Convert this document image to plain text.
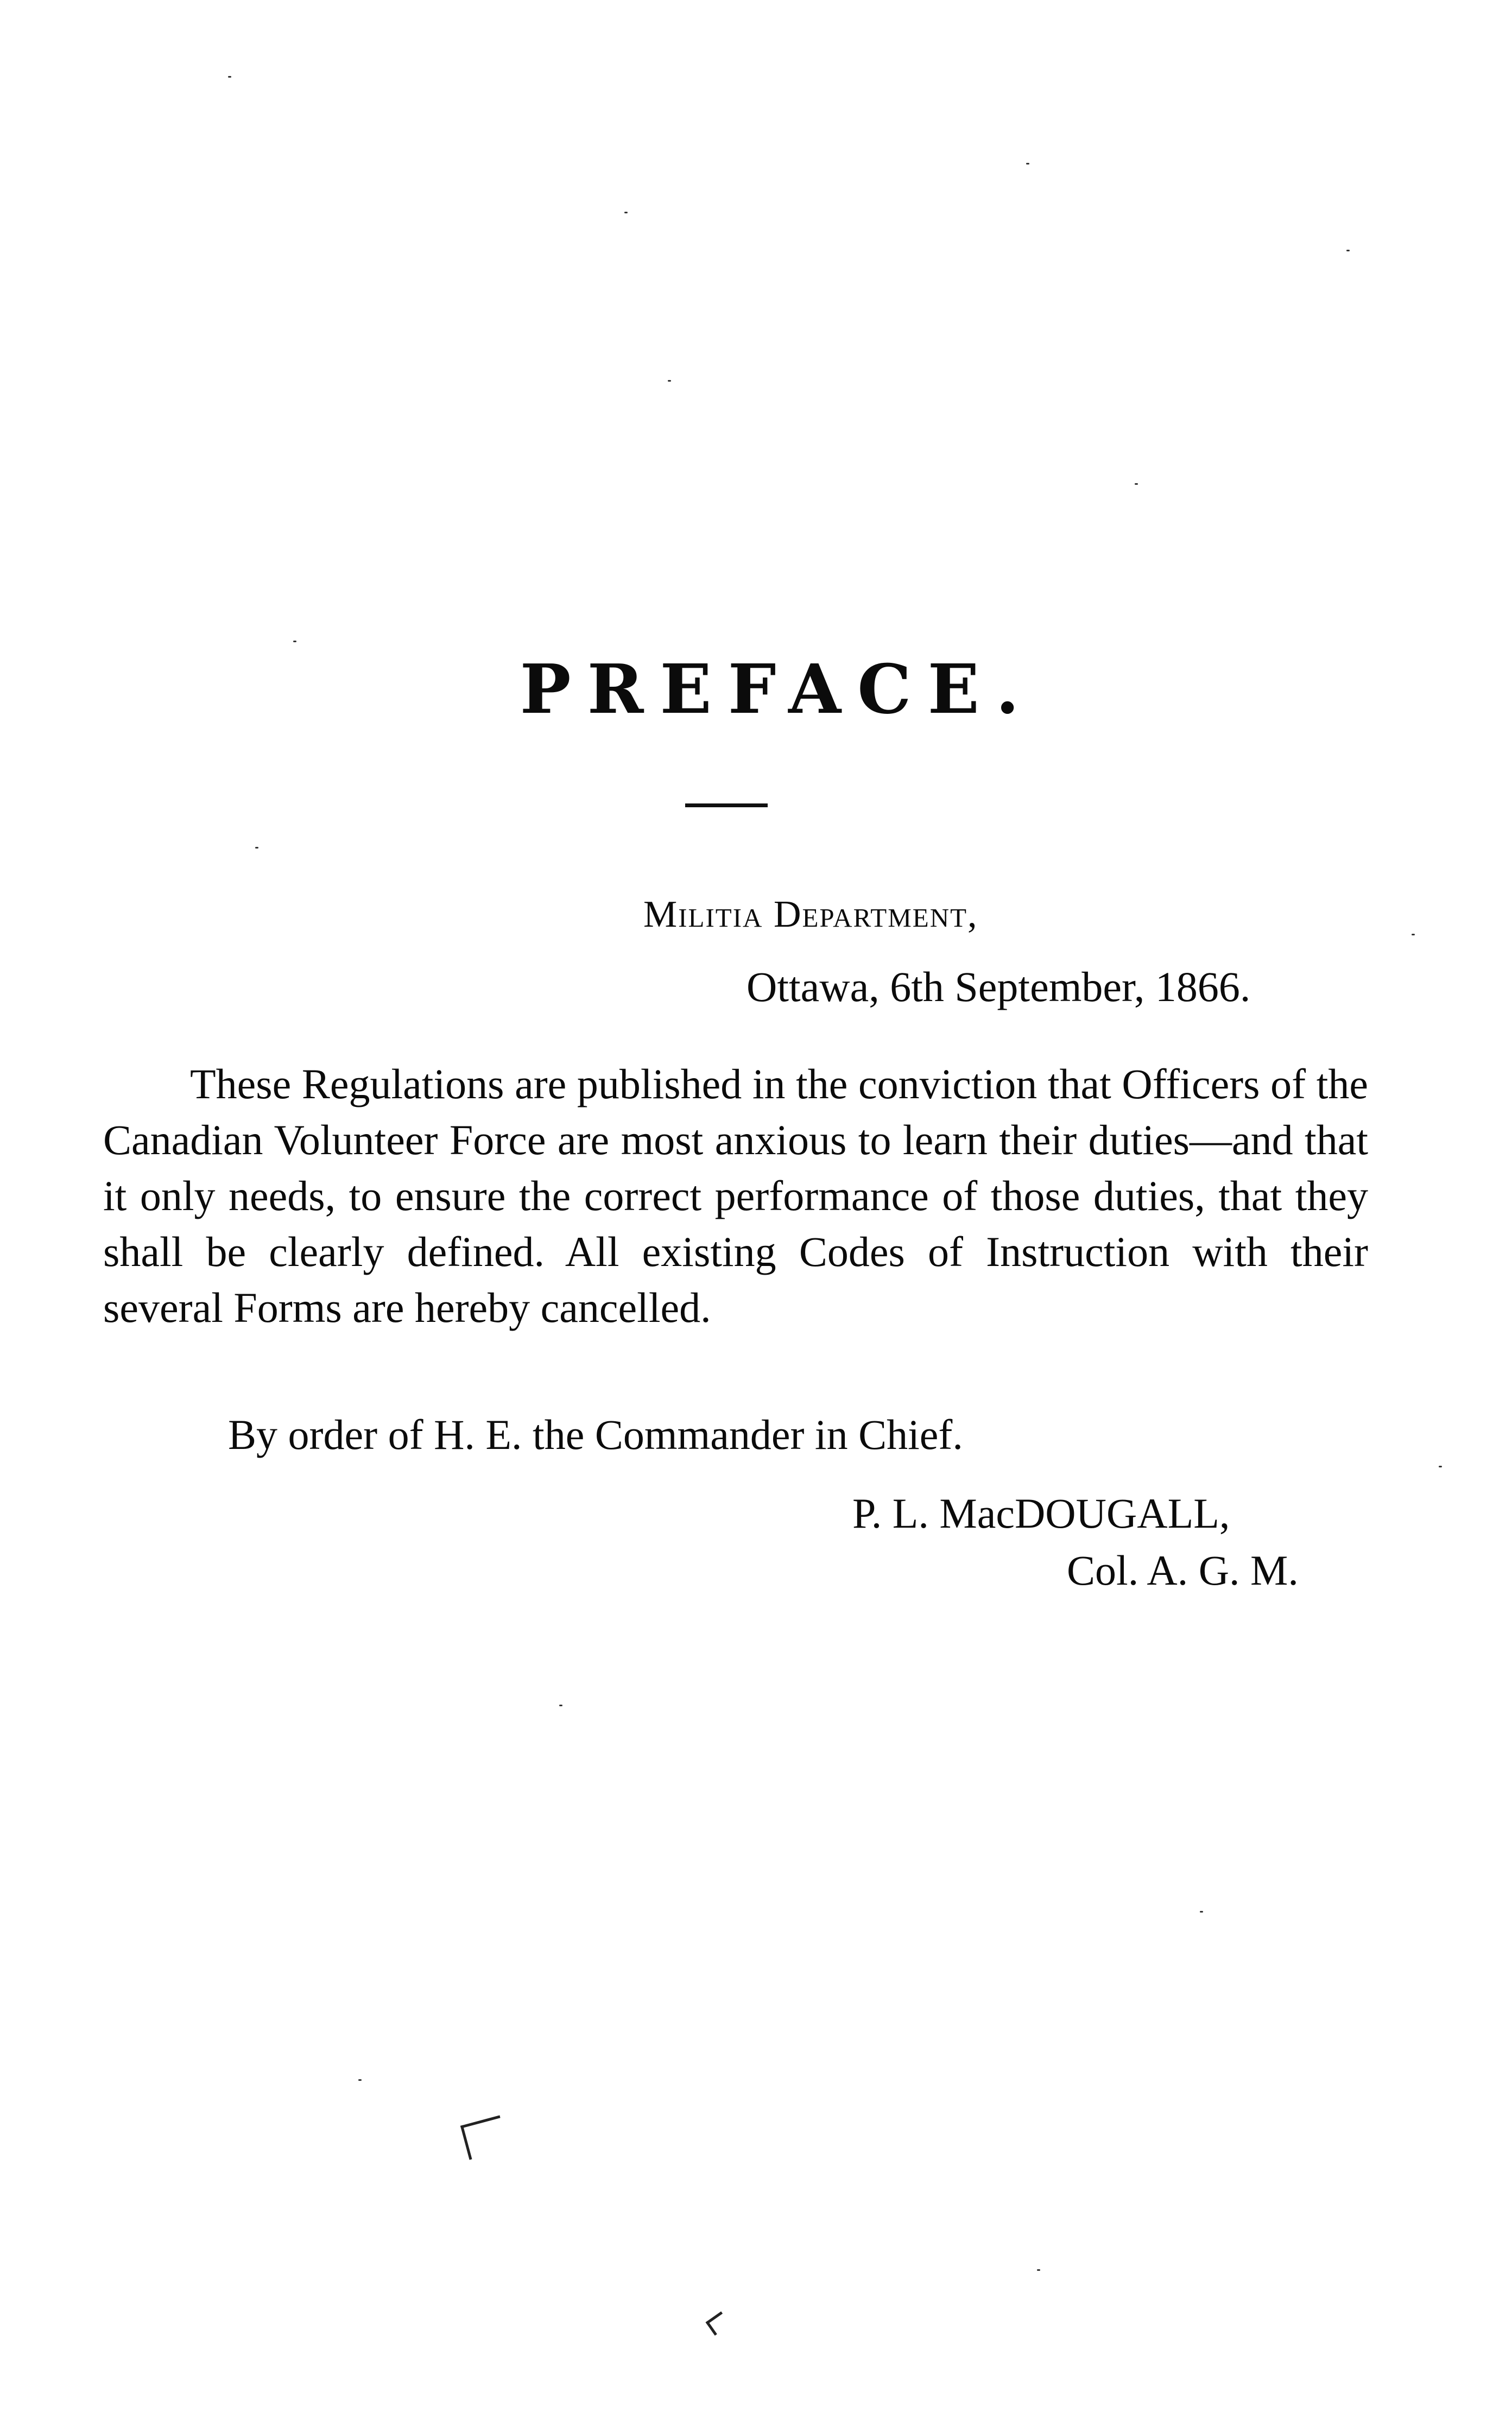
PREFACE.
Militia Department,
Ottawa, 6th September, 1866.

These Regulations are published in the conviction that Officers of the Canadian Volunteer Force are most anxious to learn their duties—and that it only needs, to ensure the correct performance of those duties, that they shall be clearly defined. All existing Codes of Instruction with their several Forms are hereby cancelled.

By order of H. E. the Commander in Chief.
P. L. MacDOUGALL,
Col. A. G. M.
